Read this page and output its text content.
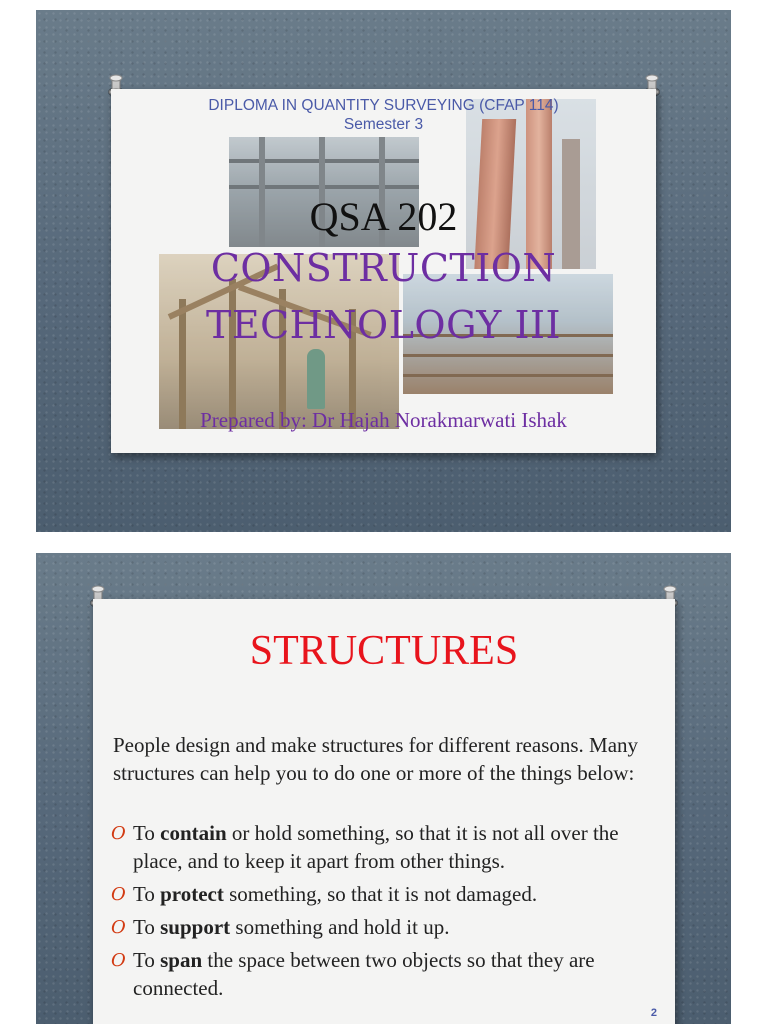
DIPLOMA IN QUANTITY SURVEYING (CFAP 114)
Semester 3
QSA 202
CONSTRUCTION
TECHNOLOGY III
Prepared by: Dr Hajah Norakmarwati Ishak
STRUCTURES

People design and make structures for different reasons. Many structures can help you to do one or more of the things below:

O To contain or hold something, so that it is not all over the place, and to keep it apart from other things.
O To protect something, so that it is not damaged.
O To support something and hold it up.
O To span the space between two objects so that they are connected.
2
